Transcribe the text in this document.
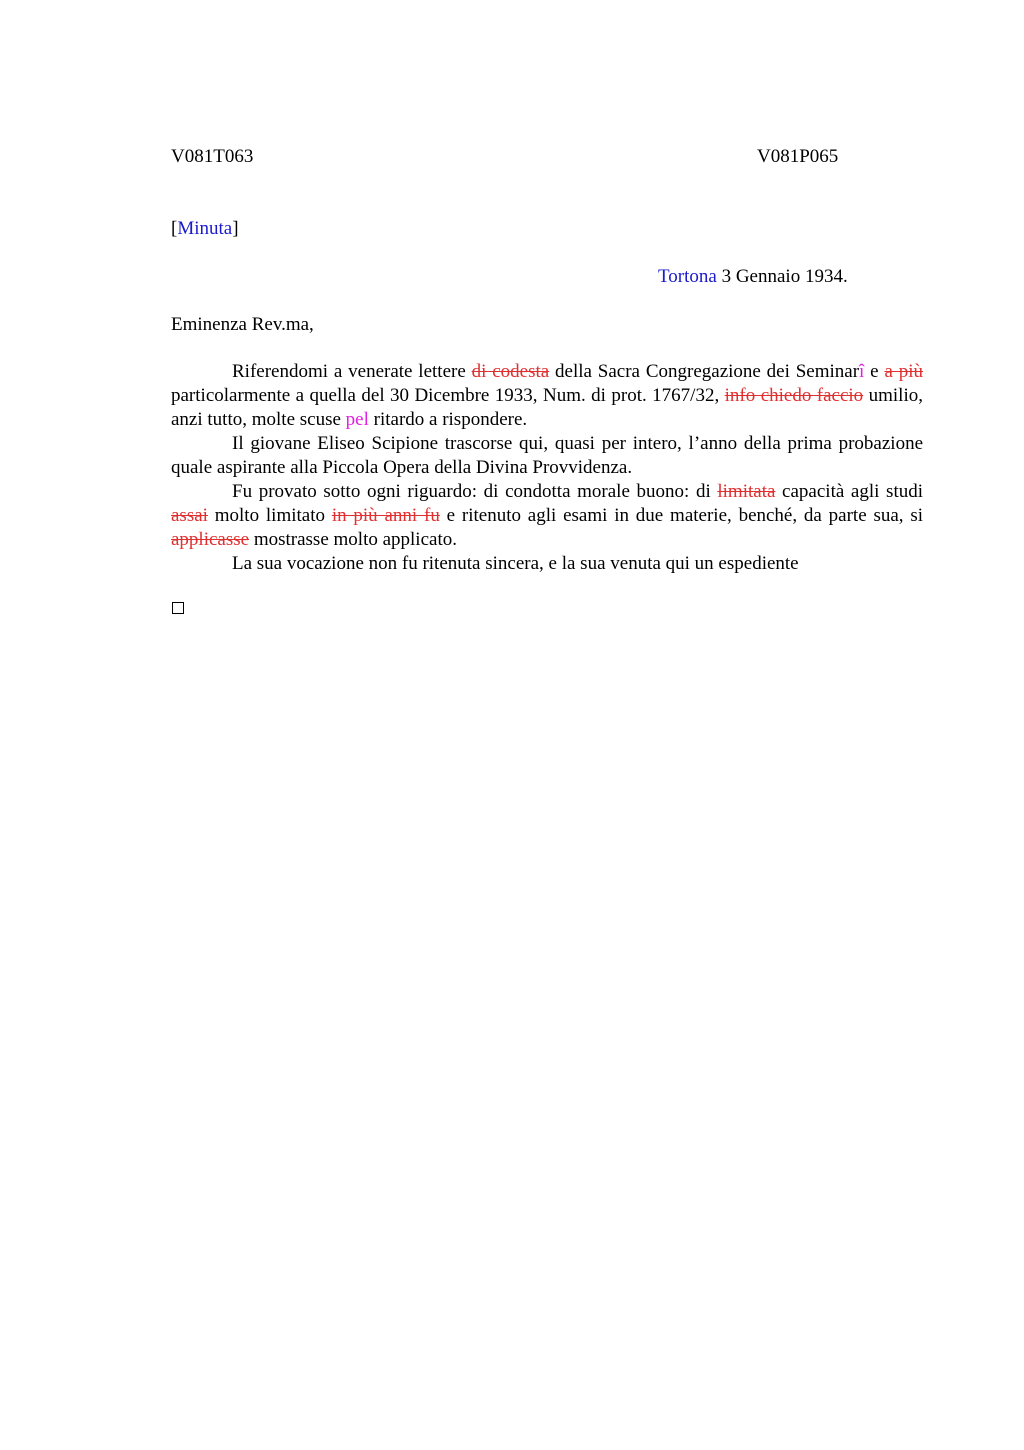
V081T063	V081P065
[Minuta]
Tortona 3 Gennaio 1934.
Eminenza Rev.ma,

Riferendomi a venerate lettere di codesta della Sacra Congregazione dei Seminarî e a più particolarmente a quella del 30 Dicembre 1933, Num. di prot. 1767/32, info chiedo faccio umilio, anzi tutto, molte scuse pel ritardo a rispondere.

Il giovane Eliseo Scipione trascorse qui, quasi per intero, l’anno della prima probazione quale aspirante alla Piccola Opera della Divina Provvidenza.

Fu provato sotto ogni riguardo: di condotta morale buono: di limitata capacità agli studi assai molto limitato in più anni fu e ritenuto agli esami in due materie, benché, da parte sua, si applicasse mostrasse molto applicato.

La sua vocazione non fu ritenuta sincera, e la sua venuta qui un espediente
